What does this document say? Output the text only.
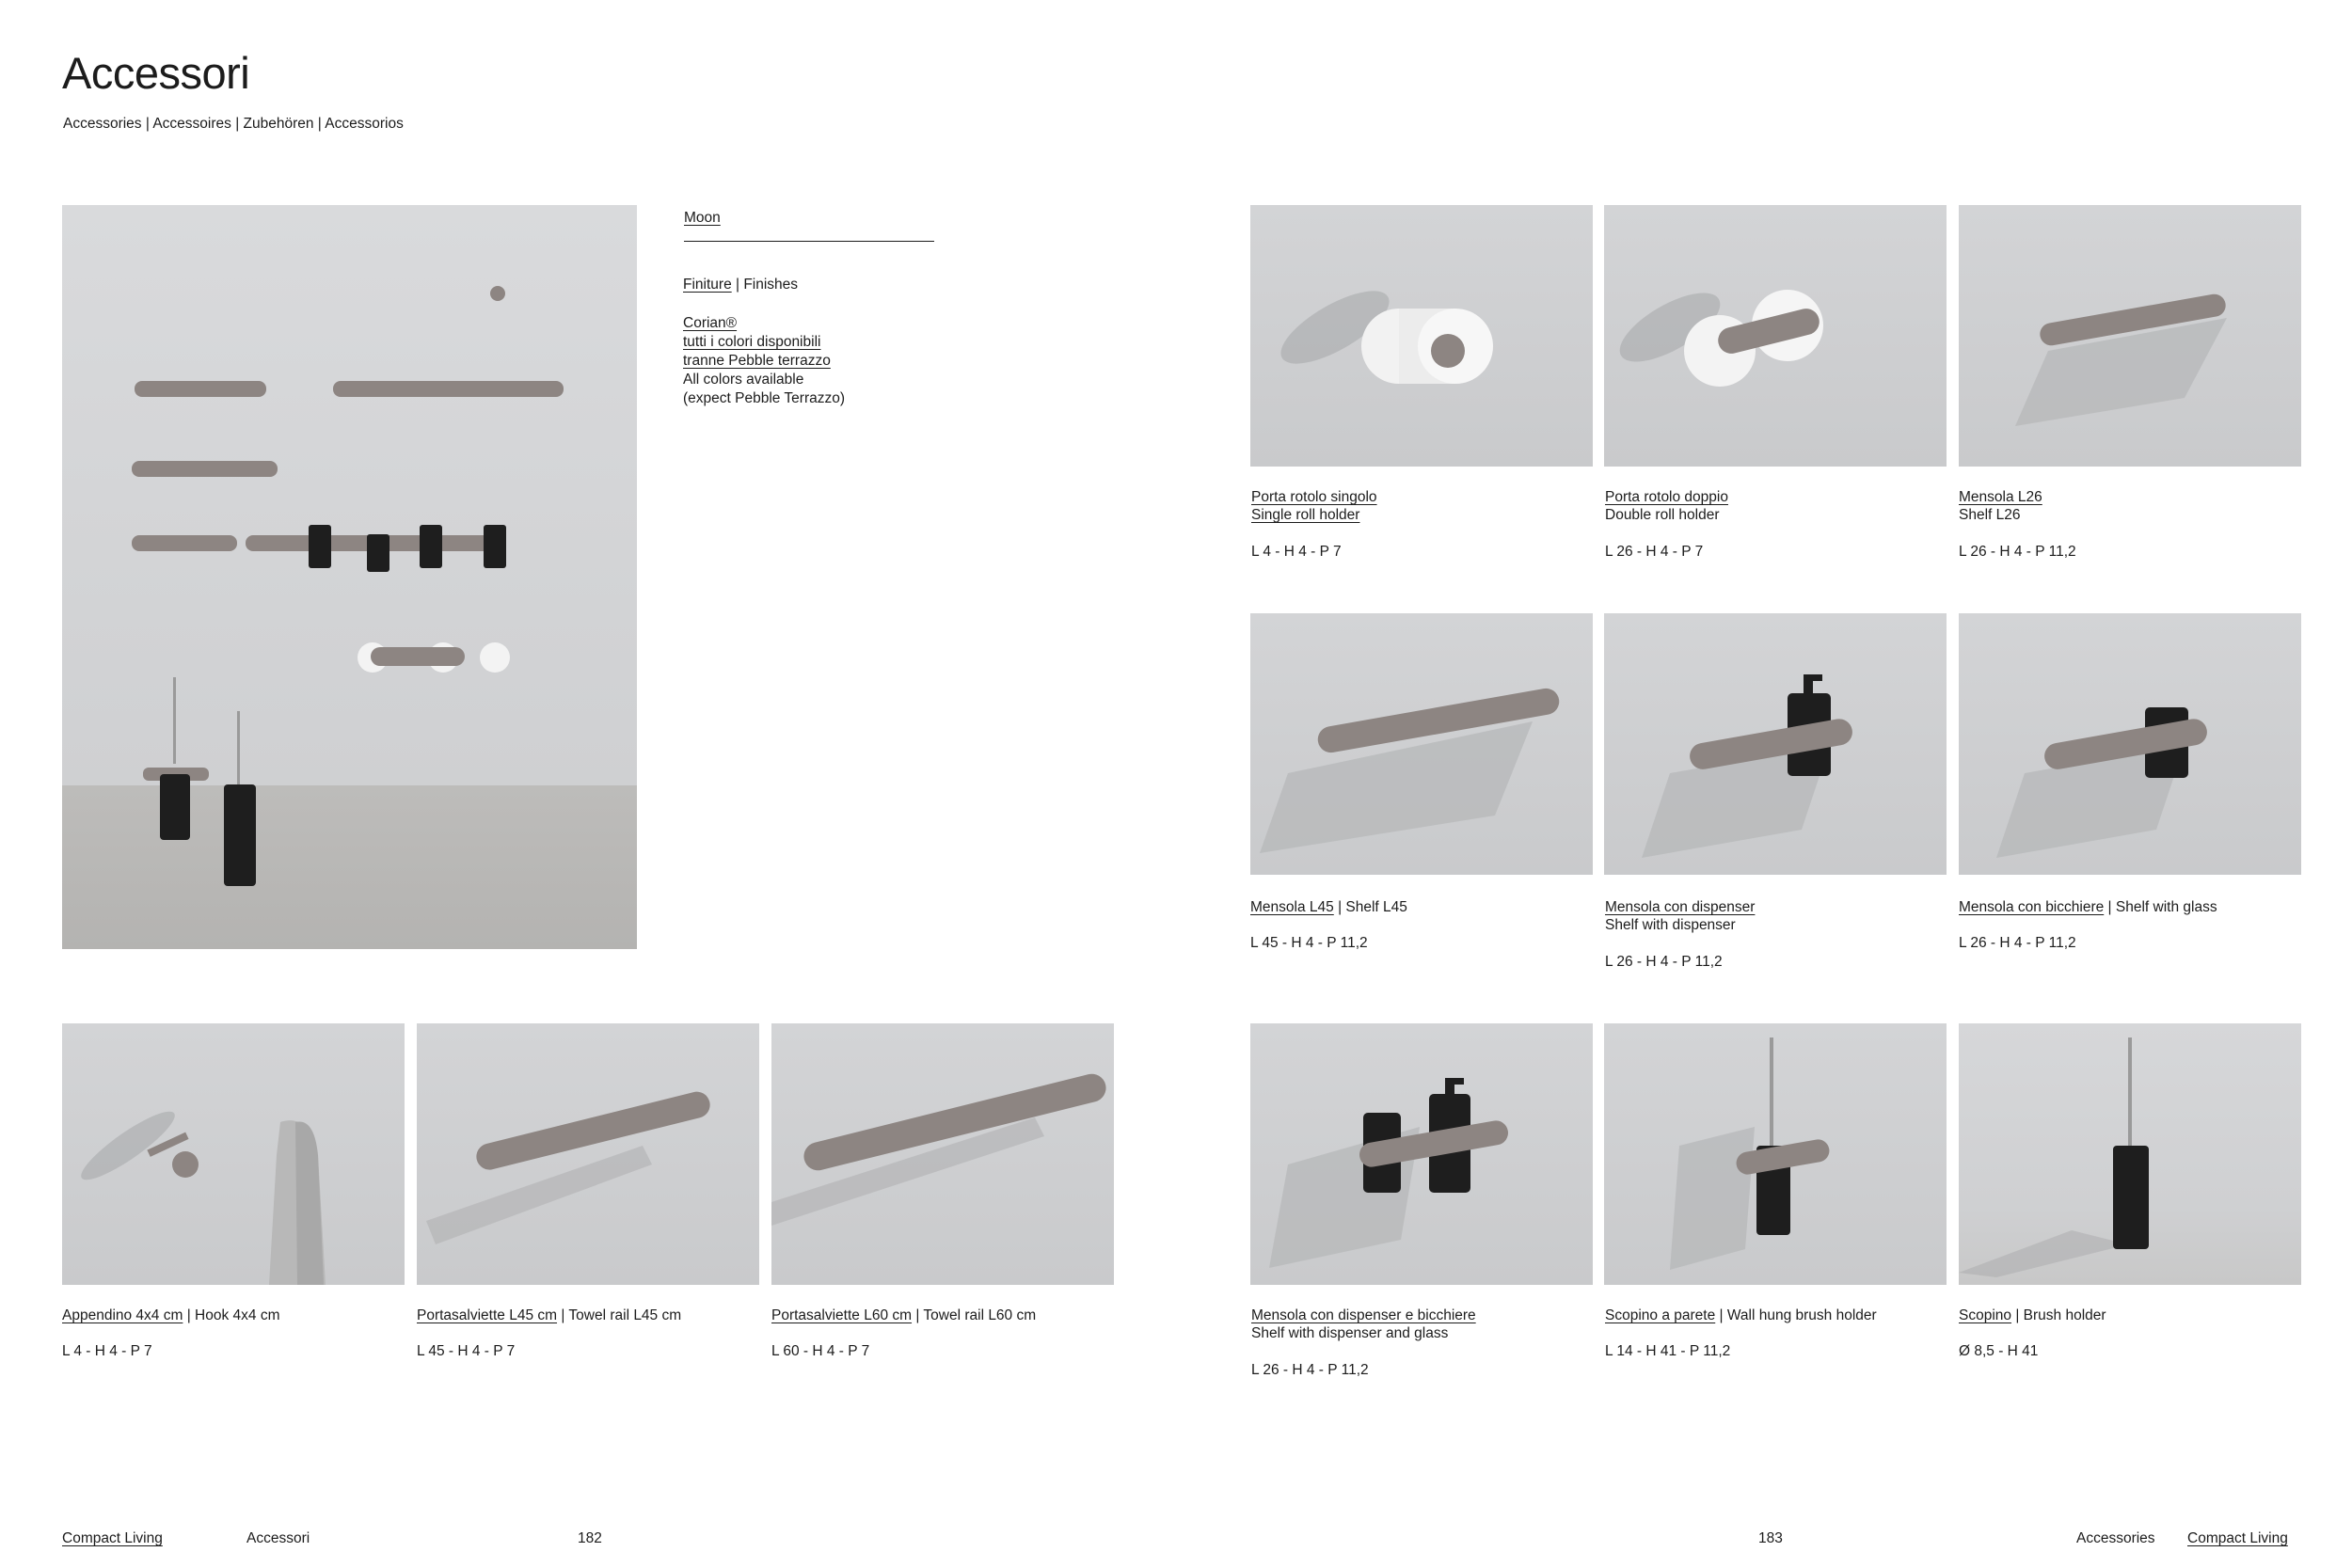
Accessori
Accessories | Accessoires | Zubehören | Accessorios
Moon
Finiture | Finishes
Corian®
tutti i colori disponibili
tranne Pebble terrazzo
All colors available
(expect Pebble Terrazzo)
Porta rotolo singolo
Single roll holder
L 4 - H 4 - P 7
Porta rotolo doppio
Double roll holder
L 26 - H 4 - P 7
Mensola L26
Shelf L26
L 26 - H 4 - P 11,2
Mensola L45 | Shelf L45
L 45 - H 4 - P 11,2
Mensola con dispenser
Shelf with dispenser
L 26 - H 4 - P 11,2
Mensola con bicchiere | Shelf with glass
L 26 - H 4 - P 11,2
Appendino 4x4 cm | Hook 4x4 cm
L 4 - H 4 - P 7
Portasalviette L45 cm | Towel rail L45 cm
L 45 - H 4 - P 7
Portasalviette L60 cm | Towel rail L60 cm
L 60 - H 4 - P 7
Mensola con dispenser e bicchiere
Shelf with dispenser and glass
L 26 - H 4 - P 11,2
Scopino a parete | Wall hung brush holder
L 14 - H 41 - P 11,2
Scopino | Brush holder
Ø 8,5 - H 41
Compact Living	Accessori	182	183	Accessories Compact Living
